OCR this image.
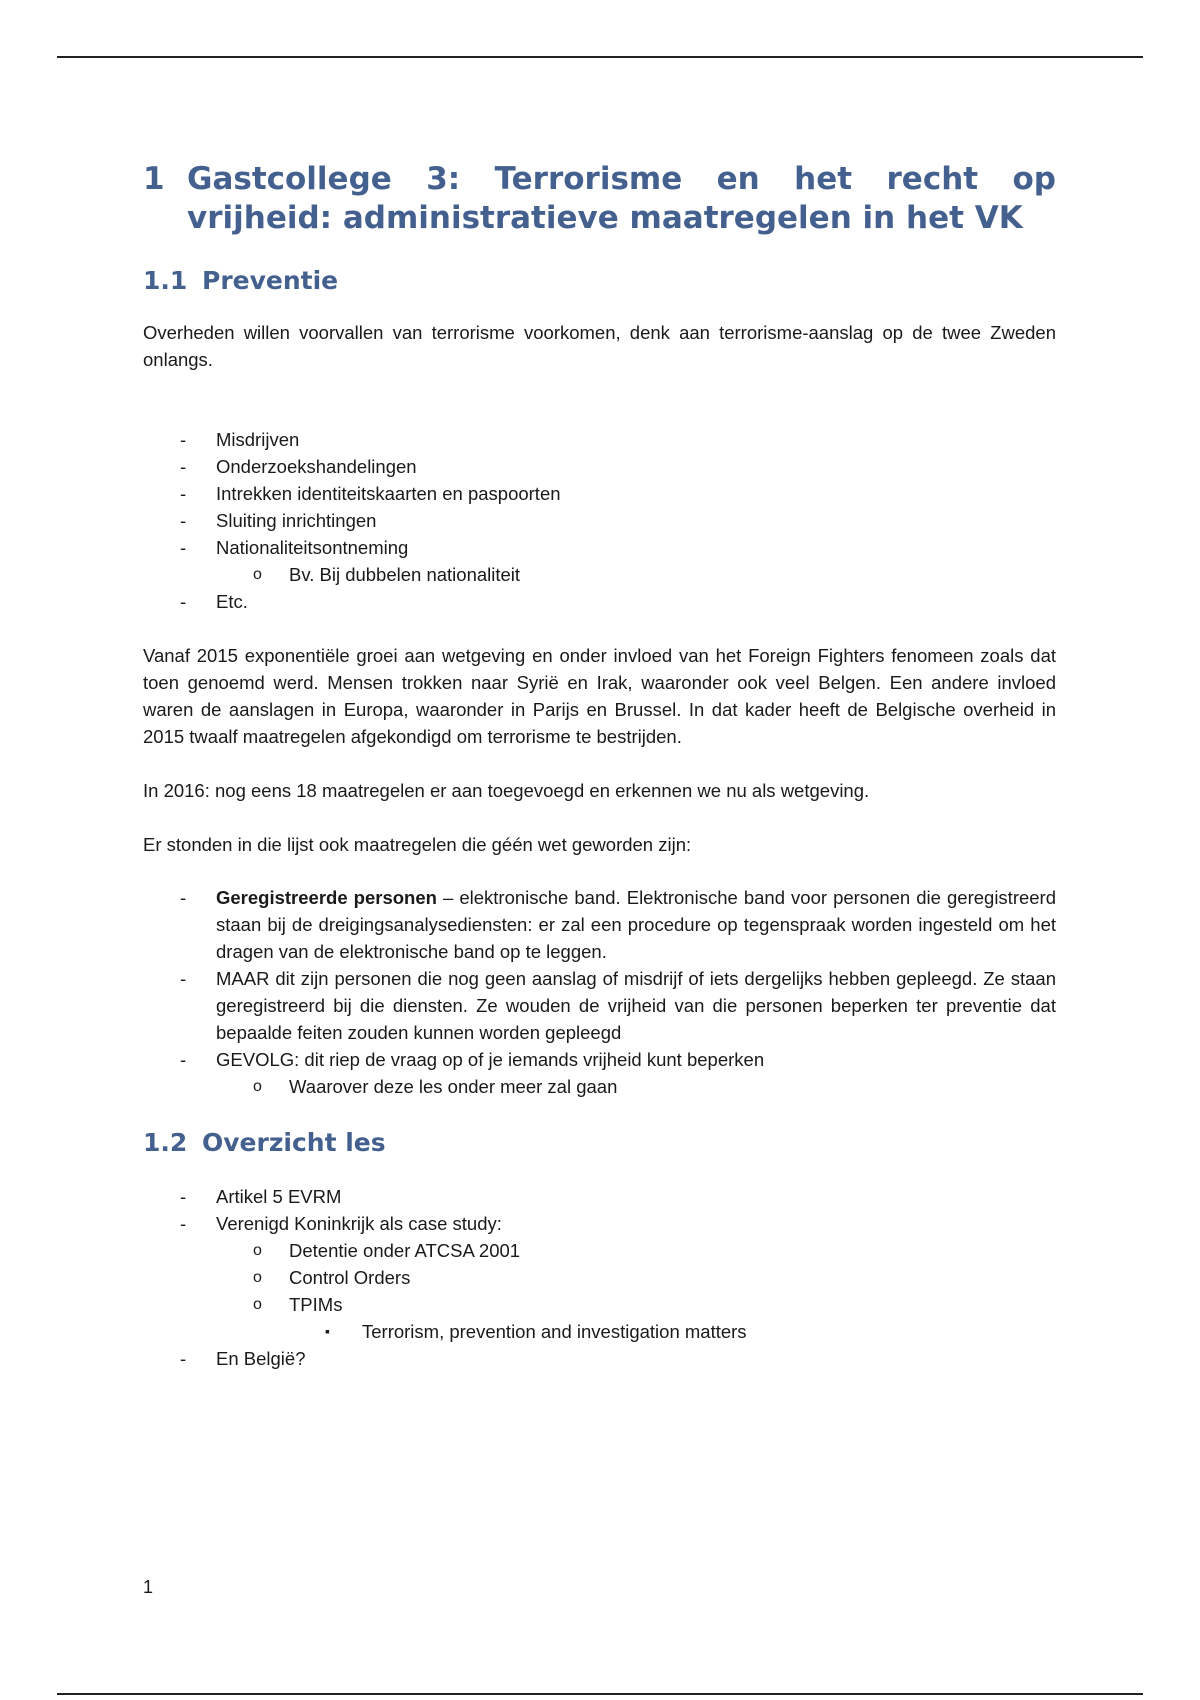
1 Gastcollege 3: Terrorisme en het recht op vrijheid: administratieve maatregelen in het VK
1.1 Preventie

Overheden willen voorvallen van terrorisme voorkomen, denk aan terrorisme-aanslag op de twee Zweden onlangs.

- Misdrijven
- Onderzoekshandelingen
- Intrekken identiteitskaarten en paspoorten
- Sluiting inrichtingen
- Nationaliteitsontneming
o Bv. Bij dubbelen nationaliteit
- Etc.

Vanaf 2015 exponentiële groei aan wetgeving en onder invloed van het Foreign Fighters fenomeen zoals dat toen genoemd werd. Mensen trokken naar Syrië en Irak, waaronder ook veel Belgen. Een andere invloed waren de aanslagen in Europa, waaronder in Parijs en Brussel. In dat kader heeft de Belgische overheid in 2015 twaalf maatregelen afgekondigd om terrorisme te bestrijden.

In 2016: nog eens 18 maatregelen er aan toegevoegd en erkennen we nu als wetgeving.

Er stonden in die lijst ook maatregelen die géén wet geworden zijn:

- Geregistreerde personen – elektronische band. Elektronische band voor personen die geregistreerd staan bij de dreigingsanalysediensten: er zal een procedure op tegenspraak worden ingesteld om het dragen van de elektronische band op te leggen.
- MAAR dit zijn personen die nog geen aanslag of misdrijf of iets dergelijks hebben gepleegd. Ze staan geregistreerd bij die diensten. Ze wouden de vrijheid van die personen beperken ter preventie dat bepaalde feiten zouden kunnen worden gepleegd
- GEVOLG: dit riep de vraag op of je iemands vrijheid kunt beperken
o Waarover deze les onder meer zal gaan
1.2 Overzicht les
- Artikel 5 EVRM
- Verenigd Koninkrijk als case study:
o Detentie onder ATCSA 2001
o Control Orders
o TPIMs
▪ Terrorism, prevention and investigation matters
- En België?
1
